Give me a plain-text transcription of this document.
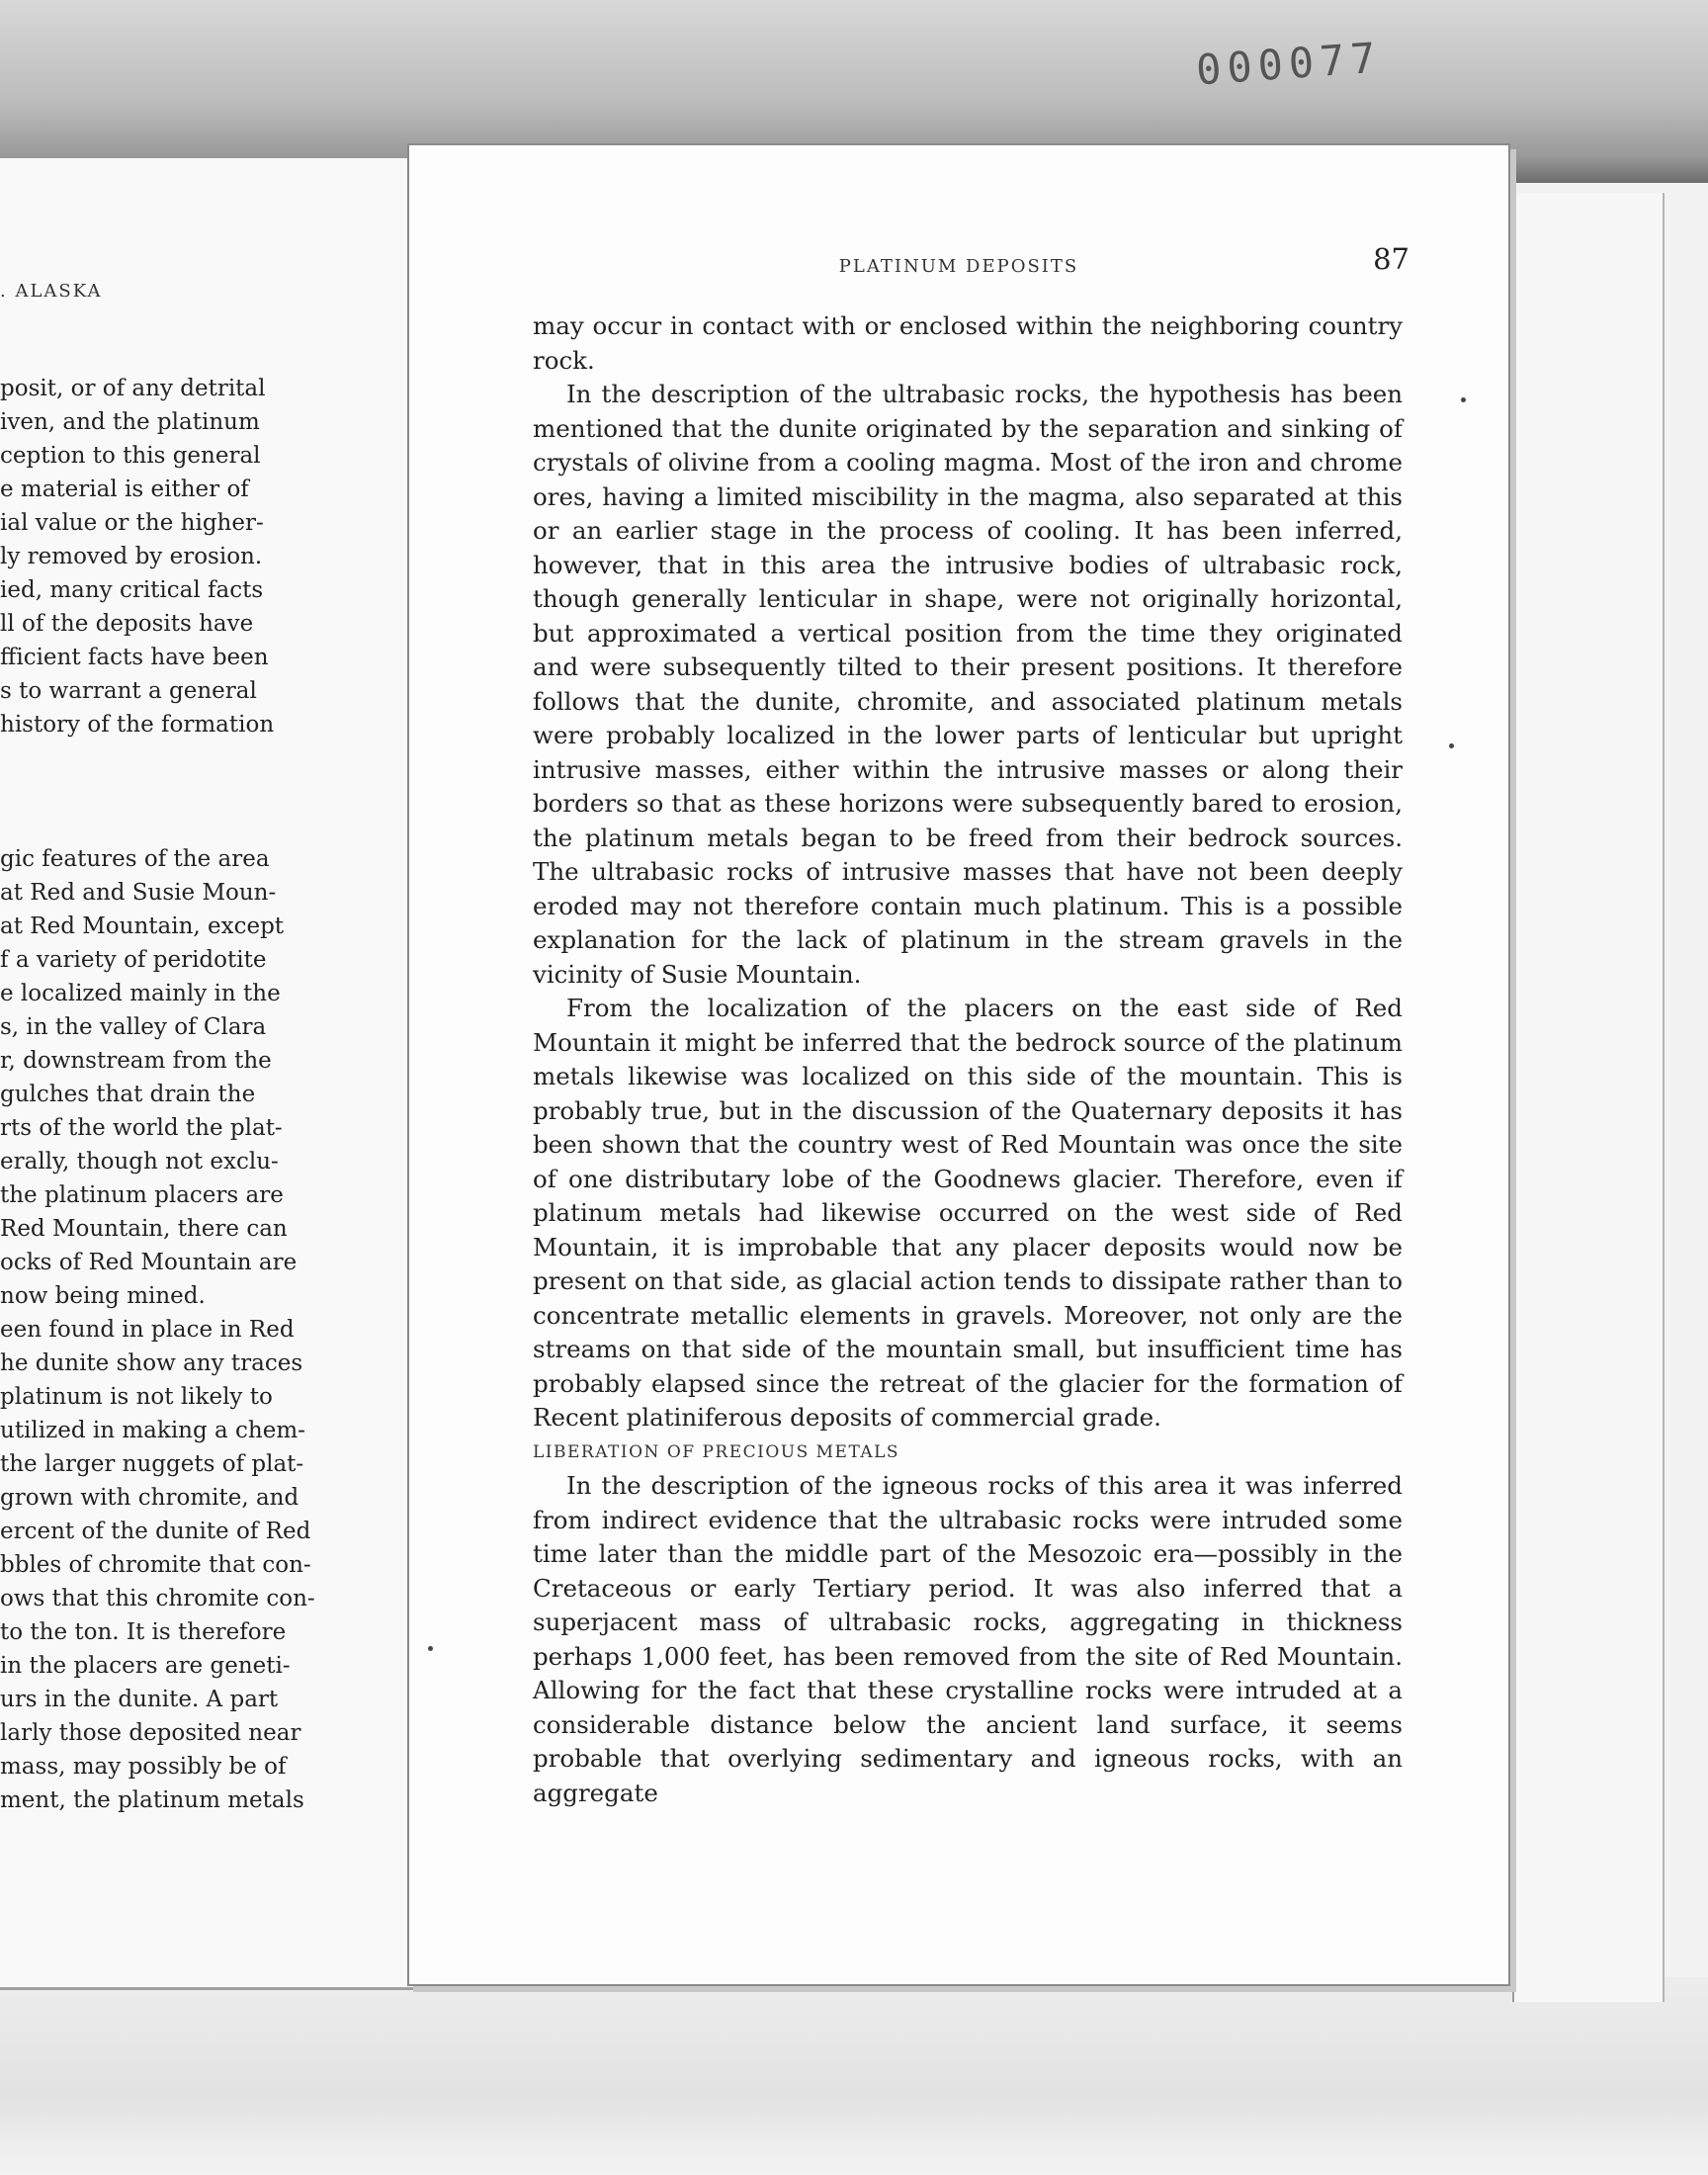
000077

. ALASKA

posit, or of any detrital
iven, and the platinum
ception to this general
e material is either of
ial value or the higher-
ly removed by erosion.
ied, many critical facts
ll of the deposits have
fficient facts have been
s to warrant a general
history of the formation
gic features of the area
at Red and Susie Moun-
at Red Mountain, except
f a variety of peridotite
e localized mainly in the
s, in the valley of Clara
r, downstream from the
gulches that drain the
rts of the world the plat-
erally, though not exclu-
the platinum placers are
Red Mountain, there can
ocks of Red Mountain are
now being mined.
een found in place in Red
he dunite show any traces
platinum is not likely to
utilized in making a chem-
the larger nuggets of plat-
grown with chromite, and
ercent of the dunite of Red
bbles of chromite that con-
ows that this chromite con-
to the ton. It is therefore
in the placers are geneti-
urs in the dunite. A part
larly those deposited near
mass, may possibly be of
ment, the platinum metals

PLATINUM DEPOSITS	87

may occur in contact with or enclosed within the neighboring country rock.

In the description of the ultrabasic rocks, the hypothesis has been mentioned that the dunite originated by the separation and sinking of crystals of olivine from a cooling magma. Most of the iron and chrome ores, having a limited miscibility in the magma, also separated at this or an earlier stage in the process of cooling. It has been inferred, however, that in this area the intrusive bodies of ultrabasic rock, though generally lenticular in shape, were not originally horizontal, but approximated a vertical position from the time they originated and were subsequently tilted to their present positions. It therefore follows that the dunite, chromite, and associated platinum metals were probably localized in the lower parts of lenticular but upright intrusive masses, either within the intrusive masses or along their borders so that as these horizons were subsequently bared to erosion, the platinum metals began to be freed from their bedrock sources. The ultrabasic rocks of intrusive masses that have not been deeply eroded may not therefore contain much platinum. This is a possible explanation for the lack of platinum in the stream gravels in the vicinity of Susie Mountain.

From the localization of the placers on the east side of Red Mountain it might be inferred that the bedrock source of the platinum metals likewise was localized on this side of the mountain. This is probably true, but in the discussion of the Quaternary deposits it has been shown that the country west of Red Mountain was once the site of one distributary lobe of the Goodnews glacier. Therefore, even if platinum metals had likewise occurred on the west side of Red Mountain, it is improbable that any placer deposits would now be present on that side, as glacial action tends to dissipate rather than to concentrate metallic elements in gravels. Moreover, not only are the streams on that side of the mountain small, but insufficient time has probably elapsed since the retreat of the glacier for the formation of Recent platiniferous deposits of commercial grade.

LIBERATION OF PRECIOUS METALS

In the description of the igneous rocks of this area it was inferred from indirect evidence that the ultrabasic rocks were intruded some time later than the middle part of the Mesozoic era—possibly in the Cretaceous or early Tertiary period. It was also inferred that a superjacent mass of ultrabasic rocks, aggregating in thickness perhaps 1,000 feet, has been removed from the site of Red Mountain. Allowing for the fact that these crystalline rocks were intruded at a considerable distance below the ancient land surface, it seems probable that overlying sedimentary and igneous rocks, with an aggregate
